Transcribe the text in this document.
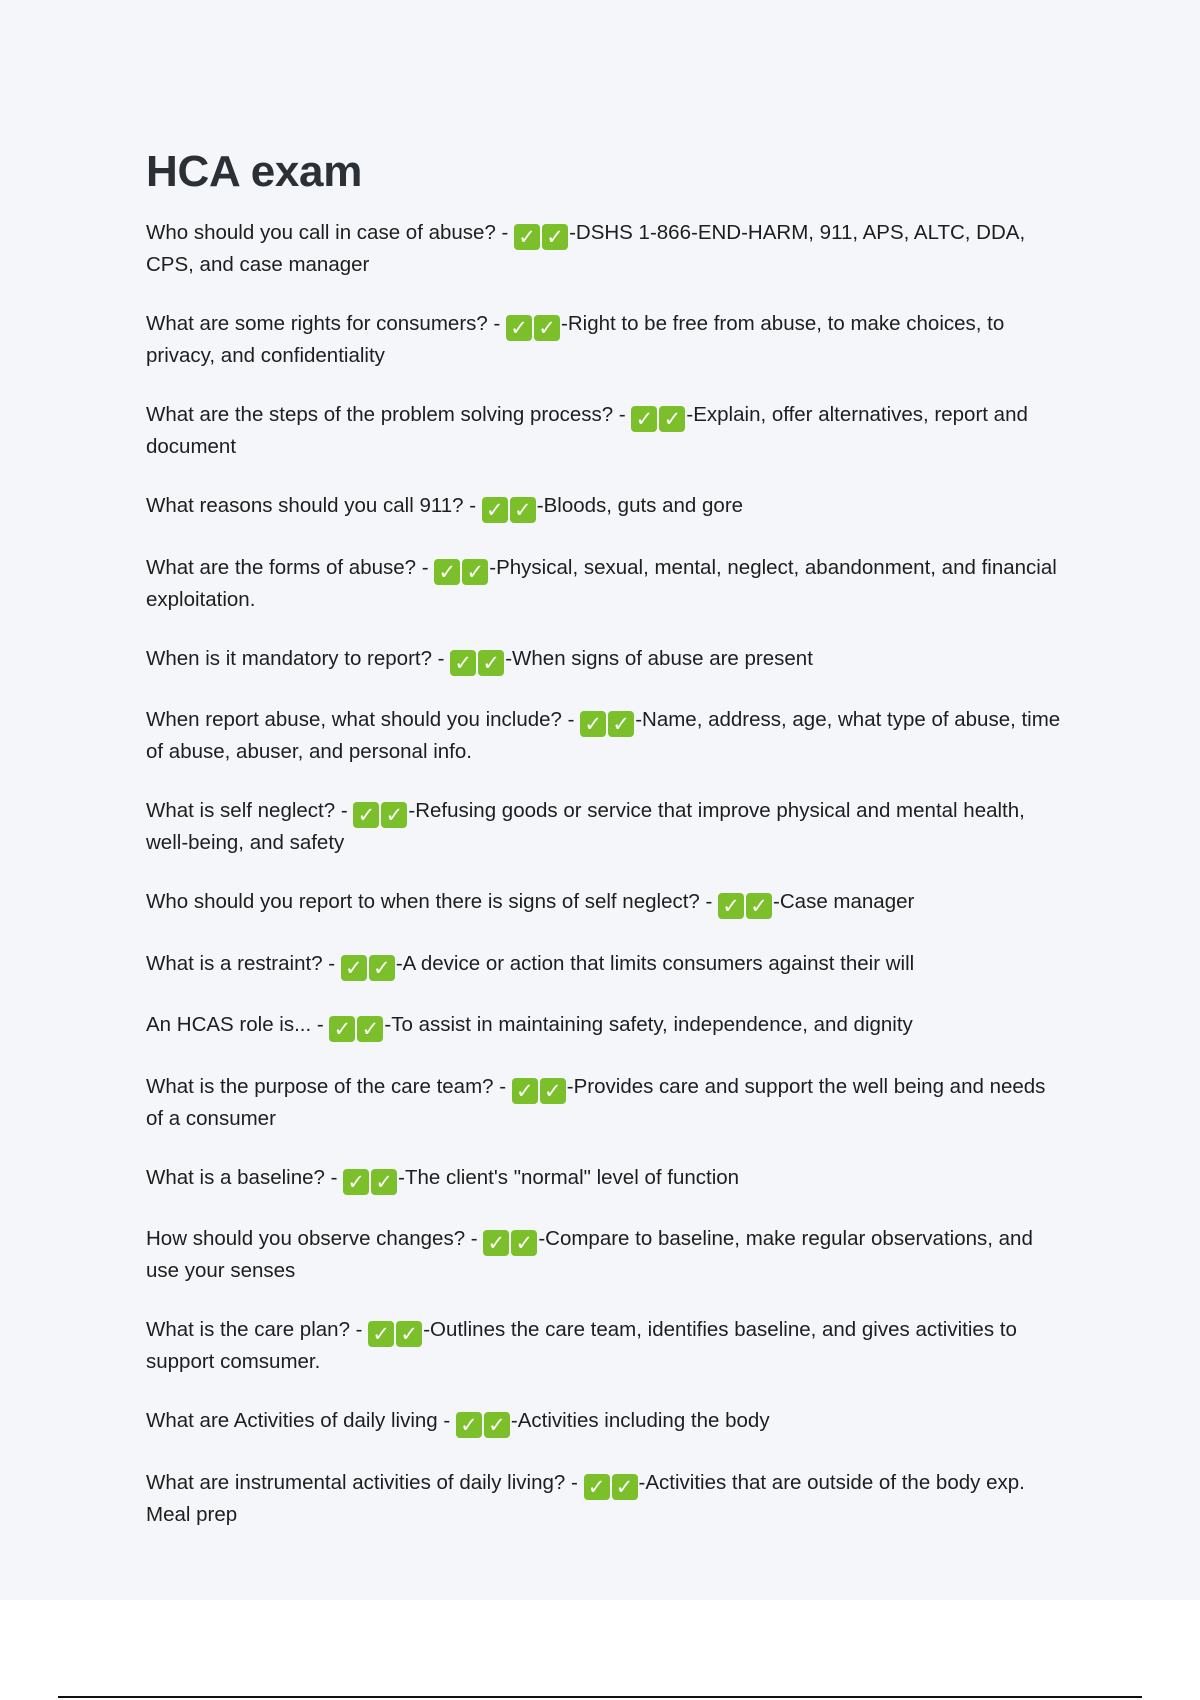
HCA exam

Who should you call in case of abuse? - ✓ ✓ -DSHS 1-866-END-HARM, 911, APS, ALTC, DDA, CPS, and case manager

What are some rights for consumers? - ✓ ✓ -Right to be free from abuse, to make choices, to privacy, and confidentiality

What are the steps of the problem solving process? - ✓ ✓ -Explain, offer alternatives, report and document

What reasons should you call 911? - ✓ ✓ -Bloods, guts and gore

What are the forms of abuse? - ✓ ✓ -Physical, sexual, mental, neglect, abandonment, and financial exploitation.

When is it mandatory to report? - ✓ ✓ -When signs of abuse are present

When report abuse, what should you include? - ✓ ✓ -Name, address, age, what type of abuse, time of abuse, abuser, and personal info.

What is self neglect? - ✓ ✓ -Refusing goods or service that improve physical and mental health, well-being, and safety

Who should you report to when there is signs of self neglect? - ✓ ✓ -Case manager

What is a restraint? - ✓ ✓ -A device or action that limits consumers against their will

An HCAS role is... - ✓ ✓ -To assist in maintaining safety, independence, and dignity

What is the purpose of the care team? - ✓ ✓ -Provides care and support the well being and needs of a consumer

What is a baseline? - ✓ ✓ -The client's "normal" level of function

How should you observe changes? - ✓ ✓ -Compare to baseline, make regular observations, and use your senses

What is the care plan? - ✓ ✓ -Outlines the care team, identifies baseline, and gives activities to support comsumer.

What are Activities of daily living - ✓ ✓ -Activities including the body

What are instrumental activities of daily living? - ✓ ✓ -Activities that are outside of the body exp. Meal prep
